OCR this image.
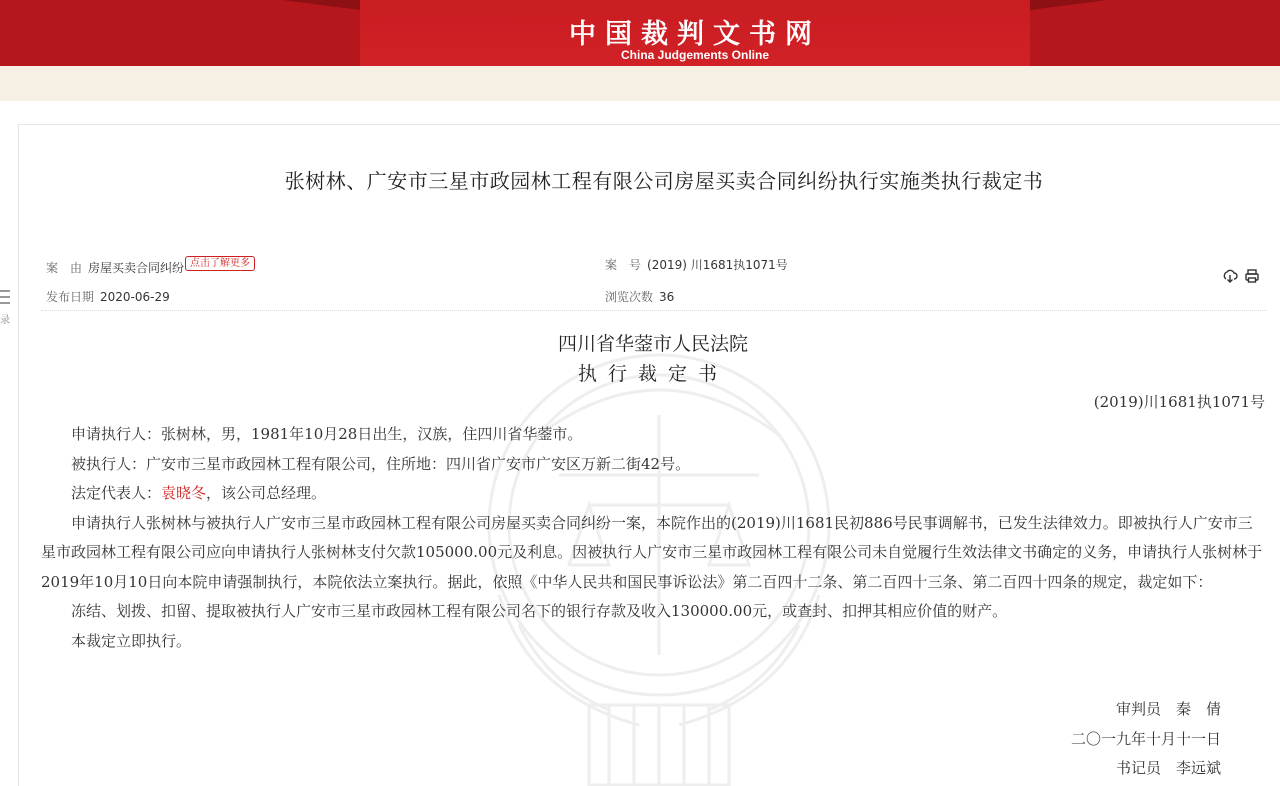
中国裁判文书网
China Judgements Online
录
张树林、广安市三星市政园林工程有限公司房屋买卖合同纠纷执行实施类执行裁定书
案　由 房屋买卖合同纠纷 点击了解更多	案　号 (2019) 川1681执1071号
发布日期 2020-06-29	浏览次数 36
四川省华蓥市人民法院
执行裁定书
(2019)川1681执1071号

申请执行人：张树林，男，1981年10月28日出生，汉族，住四川省华蓥市。

被执行人：广安市三星市政园林工程有限公司，住所地：四川省广安市广安区万新二街42号。

法定代表人：袁晓冬，该公司总经理。

申请执行人张树林与被执行人广安市三星市政园林工程有限公司房屋买卖合同纠纷一案，本院作出的(2019)川1681民初886号民事调解书，已发生法律效力。即被执行人广安市三星市政园林工程有限公司应向申请执行人张树林支付欠款105000.00元及利息。因被执行人广安市三星市政园林工程有限公司未自觉履行生效法律文书确定的义务，申请执行人张树林于2019年10月10日向本院申请强制执行，本院依法立案执行。据此，依照《中华人民共和国民事诉讼法》第二百四十二条、第二百四十三条、第二百四十四条的规定，裁定如下：

冻结、划拨、扣留、提取被执行人广安市三星市政园林工程有限公司名下的银行存款及收入130000.00元，或查封、扣押其相应价值的财产。

本裁定立即执行。

审判员　秦　倩
二〇一九年十月十一日
书记员　李远斌
